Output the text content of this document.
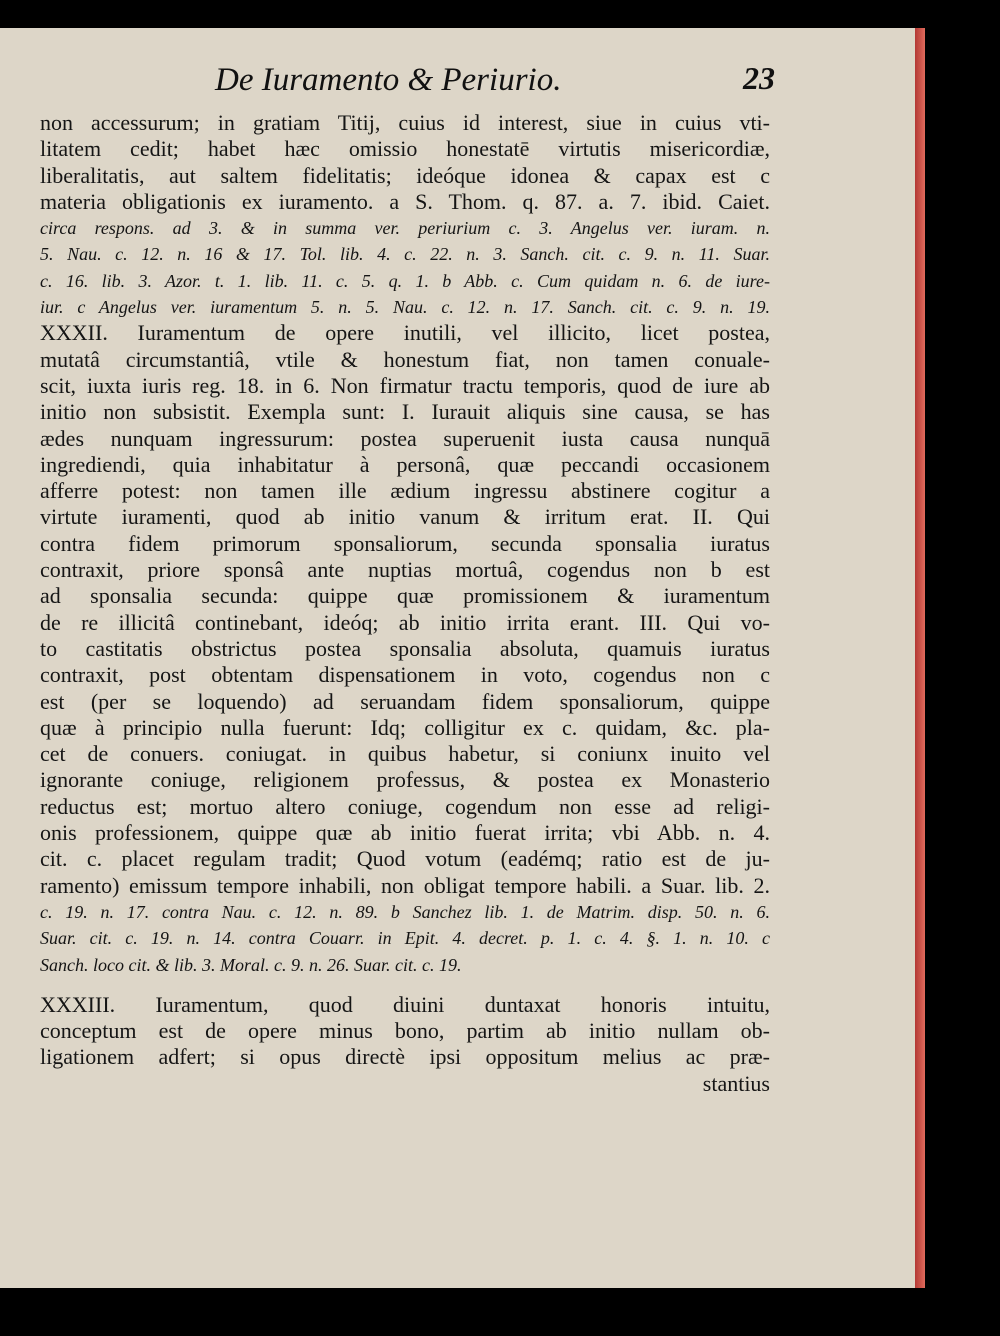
De Iuramento & Periurio.	23
non accessurum; in gratiam Titij, cuius id interest, siue in cuius vti-
litatem cedit; habet hæc omissio honestatē virtutis misericordiæ,
liberalitatis, aut saltem fidelitatis; ideóque idonea & capax est c
materia obligationis ex iuramento. a S. Thom. q. 87. a. 7. ibid. Caiet.
circa respons. ad 3. & in summa ver. periurium c. 3. Angelus ver. iuram. n.
5. Nau. c. 12. n. 16 & 17. Tol. lib. 4. c. 22. n. 3. Sanch. cit. c. 9. n. 11. Suar.
c. 16. lib. 3. Azor. t. 1. lib. 11. c. 5. q. 1. b Abb. c. Cum quidam n. 6. de iure-
iur. c Angelus ver. iuramentum 5. n. 5. Nau. c. 12. n. 17. Sanch. cit. c. 9. n. 19.
XXXII. Iuramentum de opere inutili, vel illicito, licet postea,
mutatâ circumstantiâ, vtile & honestum fiat, non tamen conuale-
scit, iuxta iuris reg. 18. in 6. Non firmatur tractu temporis, quod de iure ab
initio non subsistit. Exempla sunt: I. Iurauit aliquis sine causa, se has
ædes nunquam ingressurum: postea superuenit iusta causa nunquā
ingrediendi, quia inhabitatur à personâ, quæ peccandi occasionem
afferre potest: non tamen ille ædium ingressu abstinere cogitur a
virtute iuramenti, quod ab initio vanum & irritum erat. II. Qui
contra fidem primorum sponsaliorum, secunda sponsalia iuratus
contraxit, priore sponsâ ante nuptias mortuâ, cogendus non b est
ad sponsalia secunda: quippe quæ promissionem & iuramentum
de re illicitâ continebant, ideóq; ab initio irrita erant. III. Qui vo-
to castitatis obstrictus postea sponsalia absoluta, quamuis iuratus
contraxit, post obtentam dispensationem in voto, cogendus non c
est (per se loquendo) ad seruandam fidem sponsaliorum, quippe
quæ à principio nulla fuerunt: Idq; colligitur ex c. quidam, &c. pla-
cet de conuers. coniugat. in quibus habetur, si coniunx inuito vel
ignorante coniuge, religionem professus, & postea ex Monasterio
reductus est; mortuo altero coniuge, cogendum non esse ad religi-
onis professionem, quippe quæ ab initio fuerat irrita; vbi Abb. n. 4.
cit. c. placet regulam tradit; Quod votum (eadémq; ratio est de ju-
ramento) emissum tempore inhabili, non obligat tempore habili. a Suar. lib. 2.
c. 19. n. 17. contra Nau. c. 12. n. 89. b Sanchez lib. 1. de Matrim. disp. 50. n. 6.
Suar. cit. c. 19. n. 14. contra Couarr. in Epit. 4. decret. p. 1. c. 4. §. 1. n. 10. c
Sanch. loco cit. & lib. 3. Moral. c. 9. n. 26. Suar. cit. c. 19.
XXXIII. Iuramentum, quod diuini duntaxat honoris intuitu,
conceptum est de opere minus bono, partim ab initio nullam ob-
ligationem adfert; si opus directè ipsi oppositum melius ac præ-
stantius
